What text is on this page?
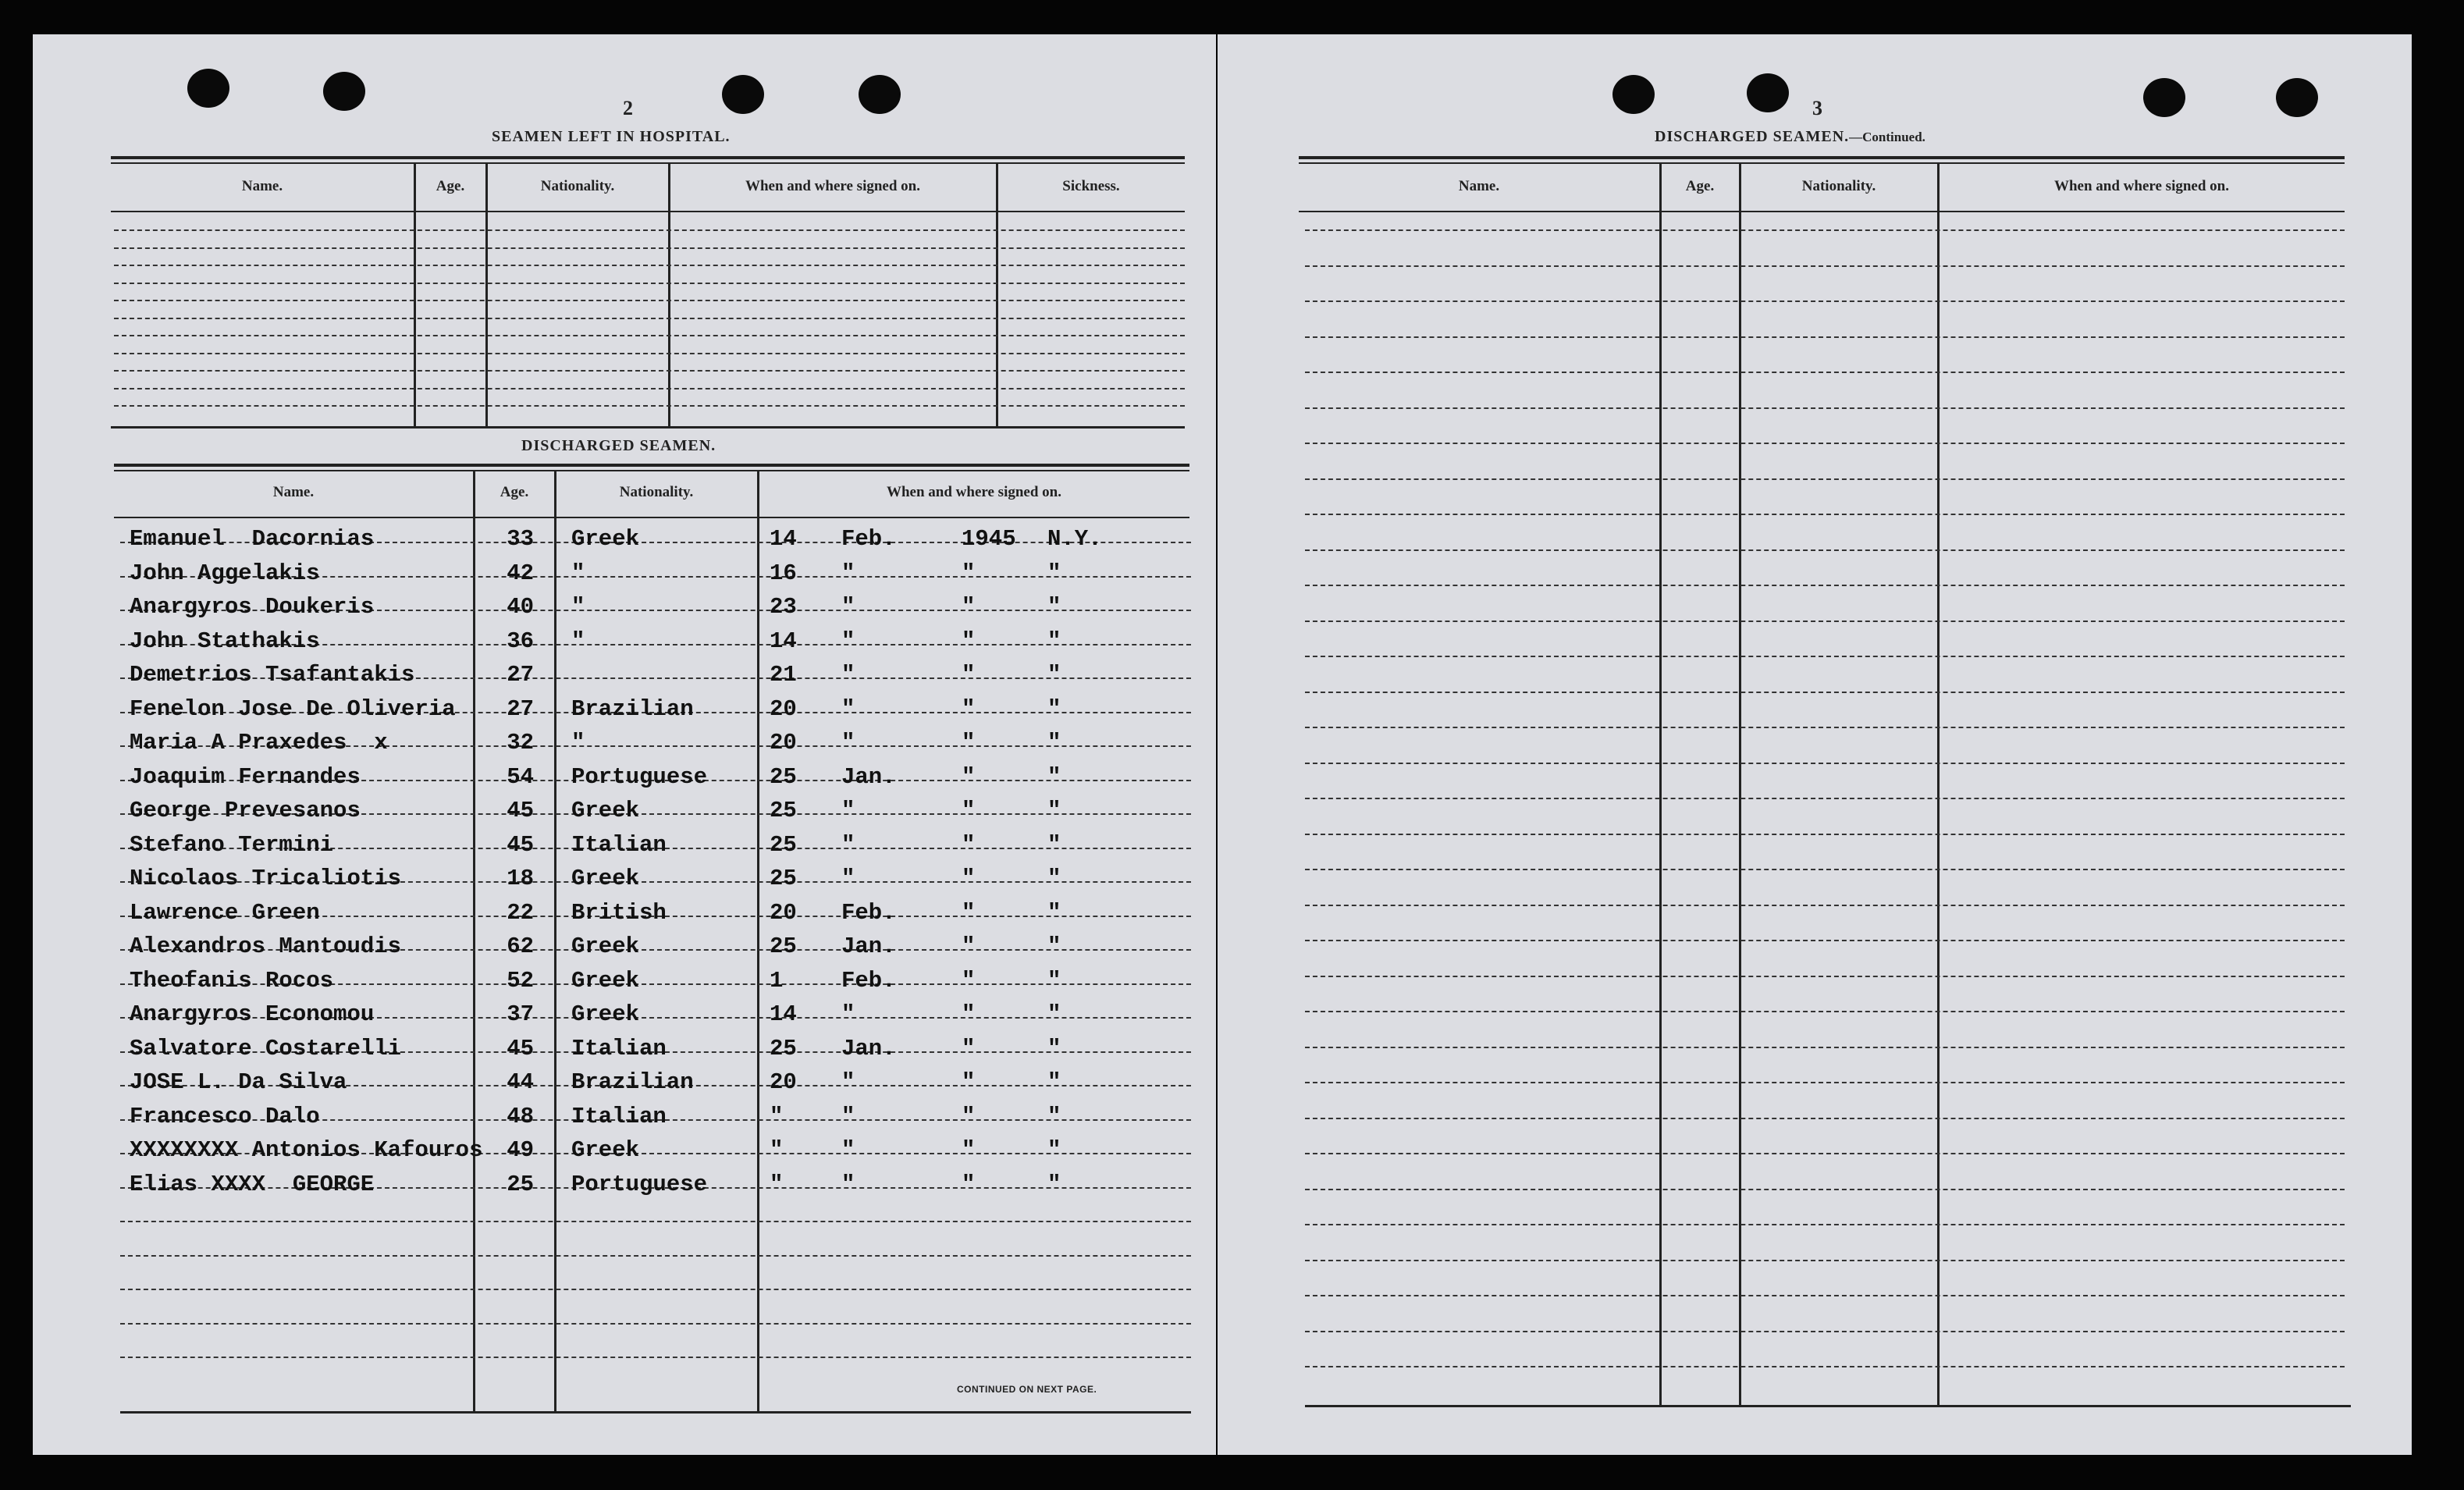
2
SEAMEN LEFT IN HOSPITAL.
Name.	Age.	Nationality.	When and where signed on.	Sickness.
DISCHARGED SEAMEN.
Name.	Age.	Nationality.	When and where signed on.
Emanuel  Dacornias	33 Greek	14 Feb.	1945 N.Y.
John Aggelakis	42 "	16 "	"	"
Anargyros Doukeris	40 "	23 "	"	"
John Stathakis	36 "	14 "	"	"
Demetrios Tsafantakis	27	21 "	"	"
Fenelon Jose De Oliveria	27 Brazilian	20 "	"	"
Maria A Praxedes  x	32 "	20 "	"	"
Joaquim Fernandes	54 Portuguese	25 Jan.	"	"
George Prevesanos	45 Greek	25 "	"	"
Stefano Termini	45 Italian	25 "	"	"
Nicolaos Tricaliotis	18 Greek	25 "	"	"
Lawrence Green	22 British	20 Feb.	"	"
Alexandros Mantoudis	62 Greek	25 Jan.	"	"
Theofanis Rocos	52 Greek	1	Feb.	"	"
Anargyros Economou	37 Greek	14 "	"	"
Salvatore Costarelli	45 Italian	25 Jan.	"	"
JOSE L. Da Silva	44 Brazilian	20 "	"	"
Francesco Dalo	48 Italian	"	"	"	"
XXXXXXXX Antonios Kafouros	49 Greek	"	"	"	"
Elias XXXX  GEORGE	25 Portuguese	"	"	"	"
CONTINUED ON NEXT PAGE.
3
DISCHARGED SEAMEN.—Continued.
Name.	Age.	Nationality.	When and where signed on.
